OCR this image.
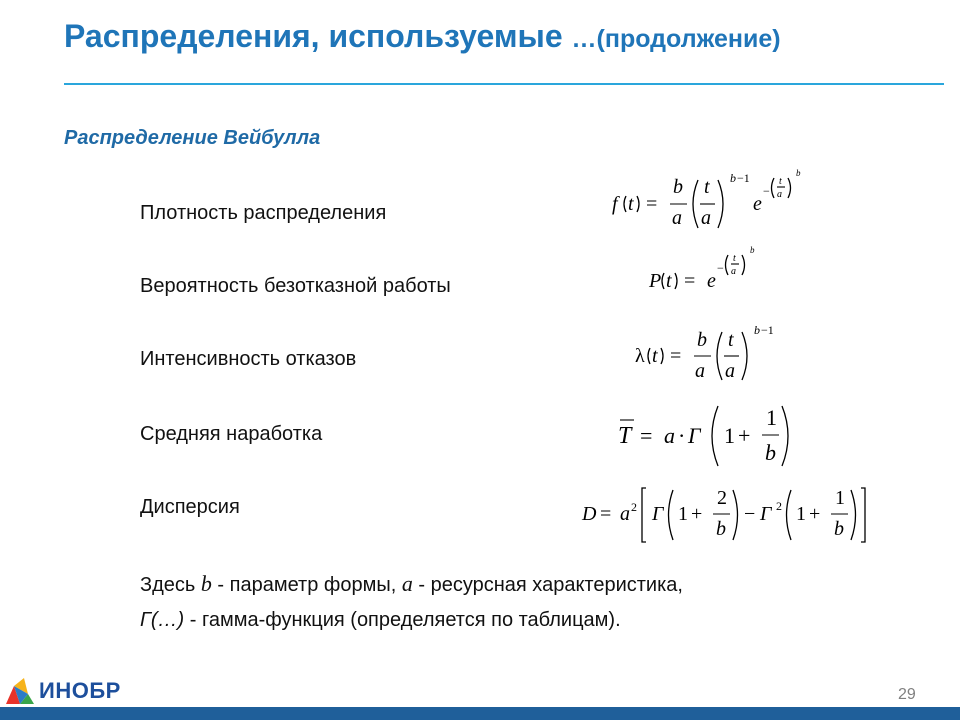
Распределения, используемые …(продолжение)
Распределение Вейбулла
Плотность распределения
Вероятность безотказной работы
Интенсивность отказов
Средняя наработка
Дисперсия
f t =
b
a
t
a
b −1
e
−
t
a
b
P t = e
−
t
a
b
λ t =
b
a
t
a
b −1
T = a · Г 1 +
1
b
D = a 2 Г 1 +
2
b
− Г 2 1 +
1
b
Здесь b - параметр формы, a - ресурсная характеристика,
Г(…) - гамма-функция (определяется по таблицам).
ИНОБР	29
